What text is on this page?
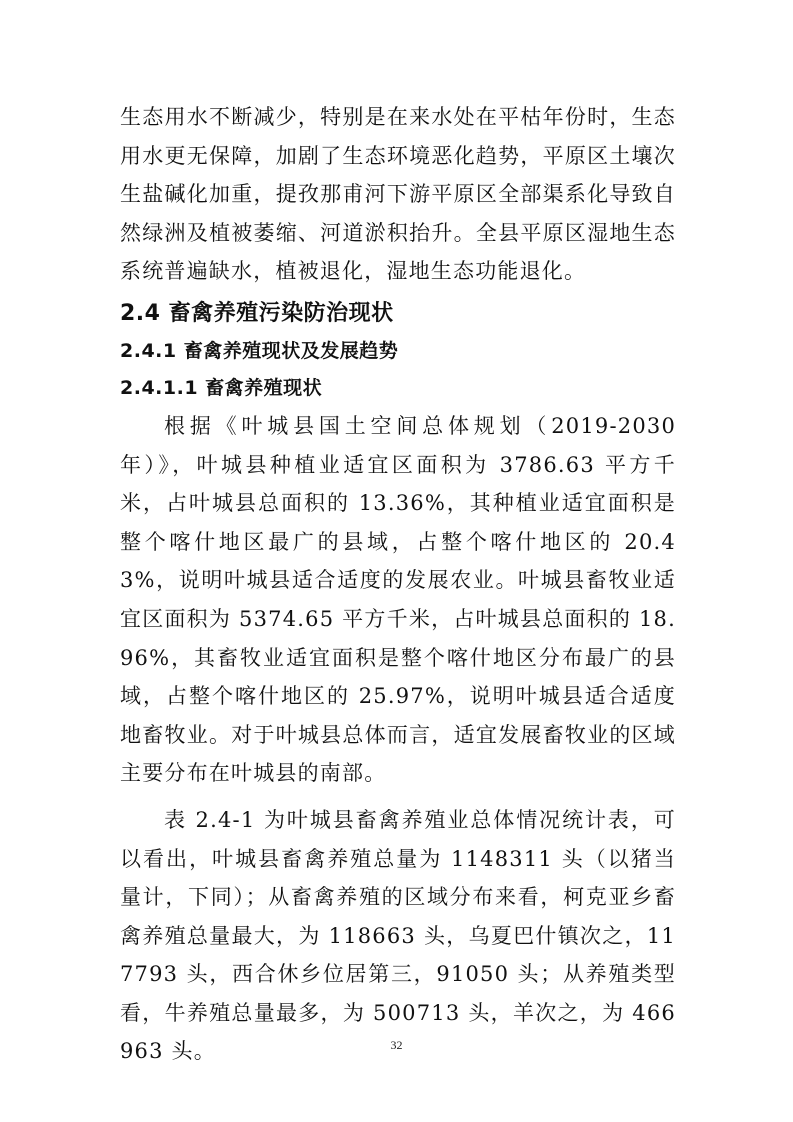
生态用水不断减少，特别是在来水处在平枯年份时，生态用水更无保障，加剧了生态环境恶化趋势，平原区土壤次生盐碱化加重，提孜那甫河下游平原区全部渠系化导致自然绿洲及植被萎缩、河道淤积抬升。全县平原区湿地生态系统普遍缺水，植被退化，湿地生态功能退化。

2.4 畜禽养殖污染防治现状
2.4.1 畜禽养殖现状及发展趋势
2.4.1.1 畜禽养殖现状

根据《叶城县国土空间总体规划（2019-2030 年）》，叶城县种植业适宜区面积为 3786.63 平方千米，占叶城县总面积的 13.36%，其种植业适宜面积是整个喀什地区最广的县域，占整个喀什地区的 20.43%，说明叶城县适合适度的发展农业。叶城县畜牧业适宜区面积为 5374.65 平方千米，占叶城县总面积的 18.96%，其畜牧业适宜面积是整个喀什地区分布最广的县域，占整个喀什地区的 25.97%，说明叶城县适合适度地畜牧业。对于叶城县总体而言，适宜发展畜牧业的区域主要分布在叶城县的南部。

表 2.4-1 为叶城县畜禽养殖业总体情况统计表，可以看出，叶城县畜禽养殖总量为 1148311 头（以猪当量计，下同）；从畜禽养殖的区域分布来看，柯克亚乡畜禽养殖总量最大，为 118663 头，乌夏巴什镇次之，117793 头，西合休乡位居第三，91050 头；从养殖类型看，牛养殖总量最多，为 500713 头，羊次之，为 466963 头。	32
